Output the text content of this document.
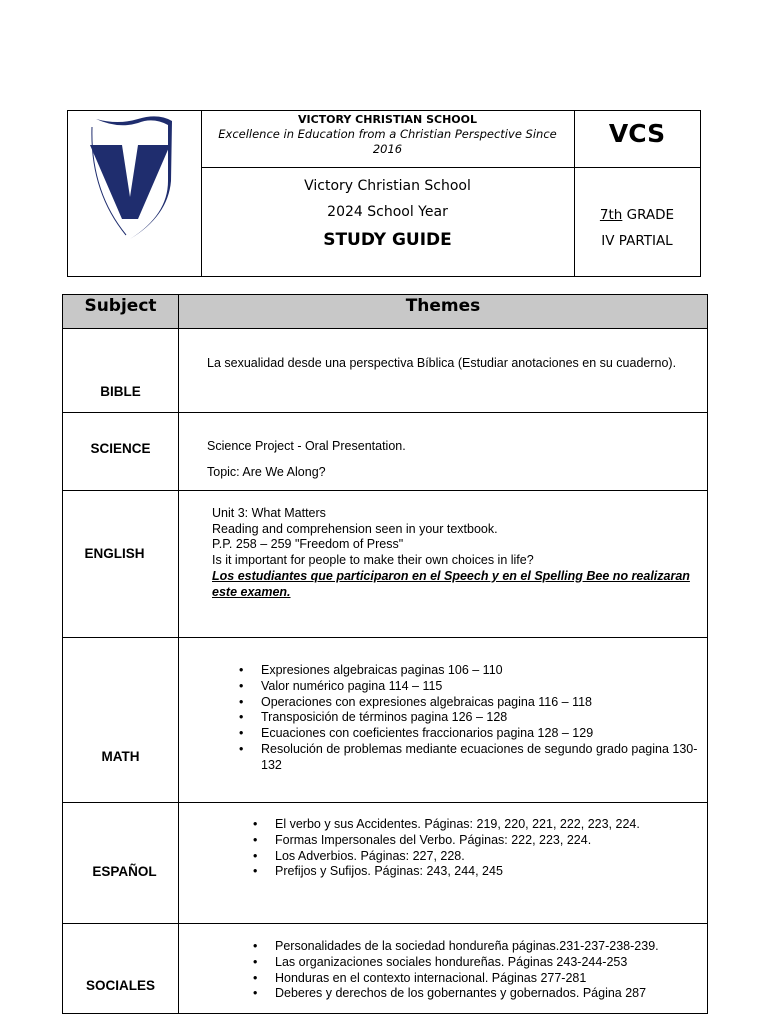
VICTORY CHRISTIAN SCHOOL
Excellence in Education from a Christian Perspective Since 2016
VCS
Victory Christian School
2024 School Year
STUDY GUIDE
7th GRADE
IV PARTIAL
Subject	Themes
BIBLE
La sexualidad desde una perspectiva Bíblica (Estudiar anotaciones en su cuaderno).
SCIENCE	Science Project - Oral Presentation.
Topic: Are We Along?
ENGLISH
Unit 3: What Matters
Reading and comprehension seen in your textbook.
P.P. 258 – 259 "Freedom of Press"
Is it important for people to make their own choices in life?
Los estudiantes que participaron en el Speech y en el Spelling Bee no realizaran este examen.
MATH
• Expresiones algebraicas paginas 106 – 110
• Valor numérico pagina 114 – 115
• Operaciones con expresiones algebraicas pagina 116 – 118
• Transposición de términos pagina 126 – 128
• Ecuaciones con coeficientes fraccionarios pagina 128 – 129
• Resolución de problemas mediante ecuaciones de segundo grado pagina 130-132
ESPAÑOL
• El verbo y sus Accidentes. Páginas: 219, 220, 221, 222, 223, 224.
• Formas Impersonales del Verbo. Páginas: 222, 223, 224.
• Los Adverbios. Páginas: 227, 228.
• Prefijos y Sufijos. Páginas: 243, 244, 245
SOCIALES
• Personalidades de la sociedad hondureña páginas.231-237-238-239.
• Las organizaciones sociales hondureñas. Páginas 243-244-253
• Honduras en el contexto internacional. Páginas 277-281
• Deberes y derechos de los gobernantes y gobernados. Página 287
